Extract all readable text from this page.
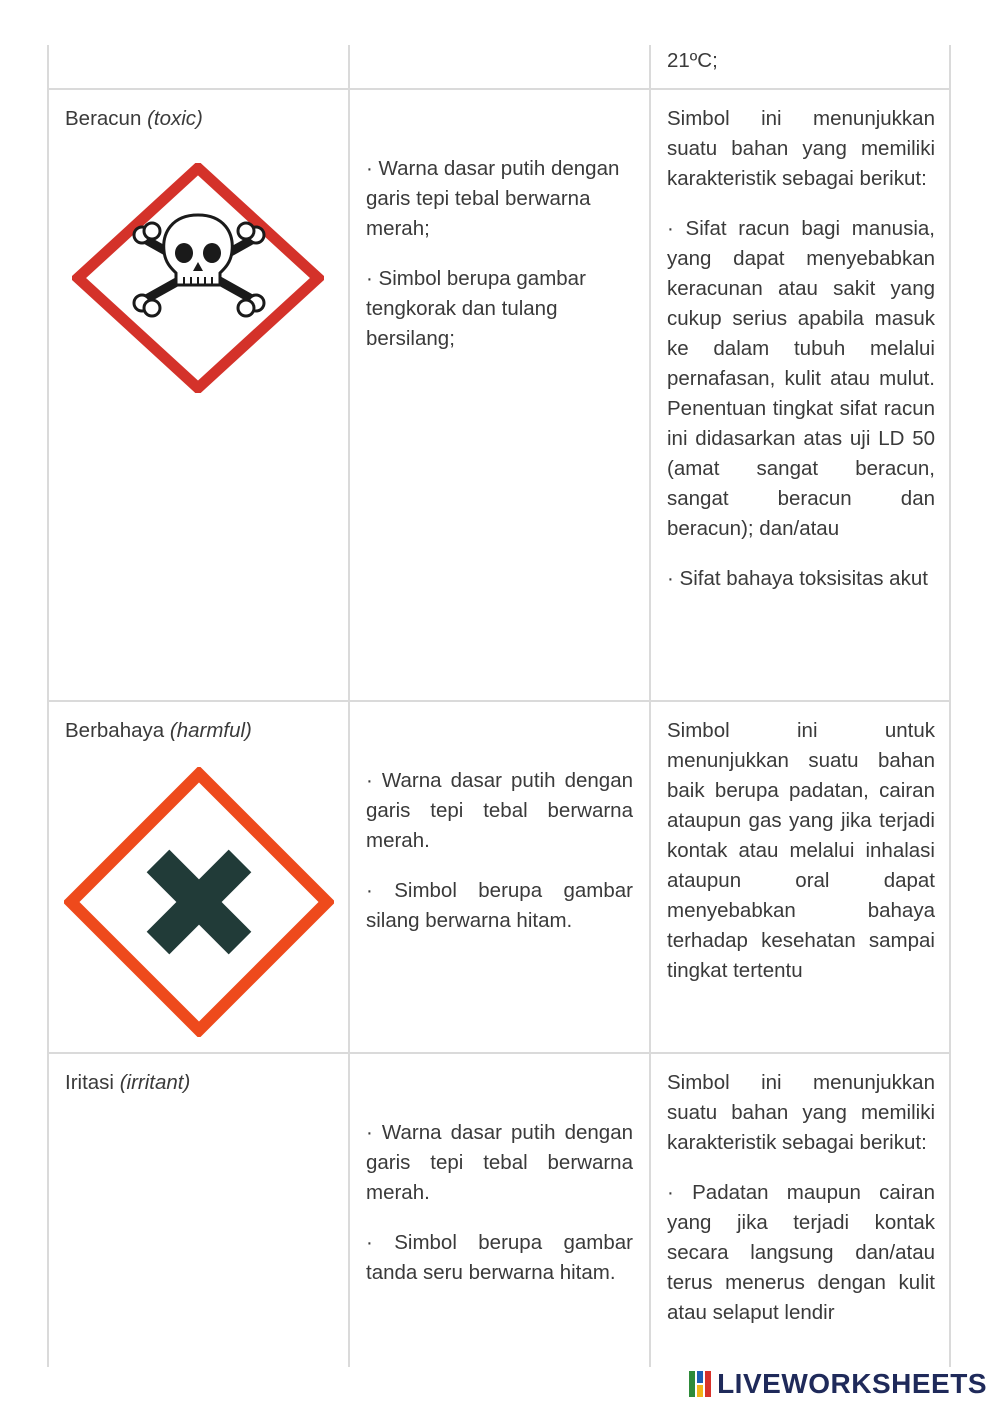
21ºC;
Beracun (toxic)

· Warna dasar putih dengan garis tepi tebal berwarna merah;

· Simbol berupa gambar tengkorak dan tulang bersilang;

Simbol ini menunjukkan suatu bahan yang memiliki karakteristik sebagai berikut:

· Sifat racun bagi manusia, yang dapat menyebabkan keracunan atau sakit yang cukup serius apabila masuk ke dalam tubuh melalui pernafasan, kulit atau mulut. Penentuan tingkat sifat racun ini didasarkan atas uji LD 50 (amat sangat beracun, sangat beracun dan beracun); dan/atau

· Sifat bahaya toksisitas akut

Berbahaya (harmful)

· Warna dasar putih dengan garis tepi tebal berwarna merah.

· Simbol berupa gambar silang berwarna hitam.

Simbol ini untuk menunjukkan suatu bahan baik berupa padatan, cairan ataupun gas yang jika terjadi kontak atau melalui inhalasi ataupun oral dapat menyebabkan bahaya terhadap kesehatan sampai tingkat tertentu

Iritasi (irritant)

· Warna dasar putih dengan garis tepi tebal berwarna merah.

· Simbol berupa gambar tanda seru berwarna hitam.

Simbol ini menunjukkan suatu bahan yang memiliki karakteristik sebagai berikut:

· Padatan maupun cairan yang jika terjadi kontak secara langsung dan/atau terus menerus dengan kulit atau selaput lendir

LIVEWORKSHEETS
